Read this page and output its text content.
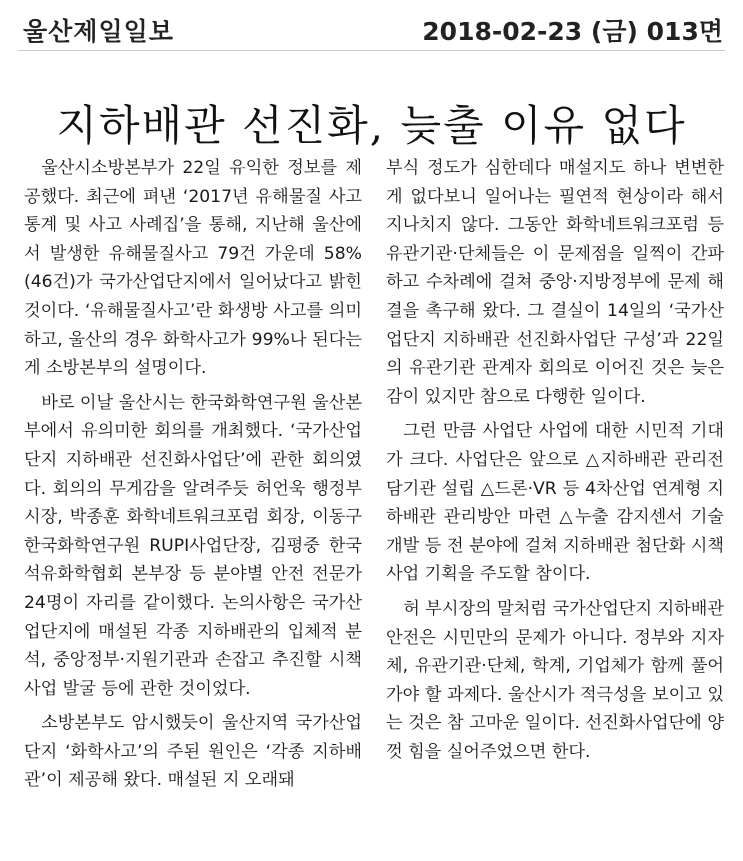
울산제일일보	2018-02-23 (금) 013면
지하배관 선진화, 늦출 이유 없다

울산시소방본부가 22일 유익한 정보를 제공했다. 최근에 펴낸 ‘2017년 유해물질 사고 통계 및 사고 사례집’을 통해, 지난해 울산에서 발생한 유해물질사고 79건 가운데 58%(46건)가 국가산업단지에서 일어났다고 밝힌 것이다. ‘유해물질사고’란 화생방 사고를 의미하고, 울산의 경우 화학사고가 99%나 된다는 게 소방본부의 설명이다.

바로 이날 울산시는 한국화학연구원 울산본부에서 유의미한 회의를 개최했다. ‘국가산업단지 지하배관 선진화사업단’에 관한 회의였다. 회의의 무게감을 알려주듯 허언욱 행정부시장, 박종훈 화학네트워크포럼 회장, 이동구 한국화학연구원 RUPI사업단장, 김평중 한국석유화학협회 본부장 등 분야별 안전 전문가 24명이 자리를 같이했다. 논의사항은 국가산업단지에 매설된 각종 지하배관의 입체적 분석, 중앙정부·지원기관과 손잡고 추진할 시책사업 발굴 등에 관한 것이었다.

소방본부도 암시했듯이 울산지역 국가산업단지 ‘화학사고’의 주된 원인은 ‘각종 지하배관’이 제공해 왔다. 매설된 지 오래돼

부식 정도가 심한데다 매설지도 하나 변변한 게 없다보니 일어나는 필연적 현상이라 해서 지나치지 않다. 그동안 화학네트워크포럼 등 유관기관·단체들은 이 문제점을 일찍이 간파하고 수차례에 걸쳐 중앙·지방정부에 문제 해결을 촉구해 왔다. 그 결실이 14일의 ‘국가산업단지 지하배관 선진화사업단 구성’과 22일의 유관기관 관계자 회의로 이어진 것은 늦은 감이 있지만 참으로 다행한 일이다.

그런 만큼 사업단 사업에 대한 시민적 기대가 크다. 사업단은 앞으로 △지하배관 관리전담기관 설립 △드론·VR 등 4차산업 연계형 지하배관 관리방안 마련 △누출 감지센서 기술개발 등 전 분야에 걸쳐 지하배관 첨단화 시책사업 기획을 주도할 참이다.

허 부시장의 말처럼 국가산업단지 지하배관 안전은 시민만의 문제가 아니다. 정부와 지자체, 유관기관·단체, 학계, 기업체가 함께 풀어가야 할 과제다. 울산시가 적극성을 보이고 있는 것은 참 고마운 일이다. 선진화사업단에 양껏 힘을 실어주었으면 한다.
